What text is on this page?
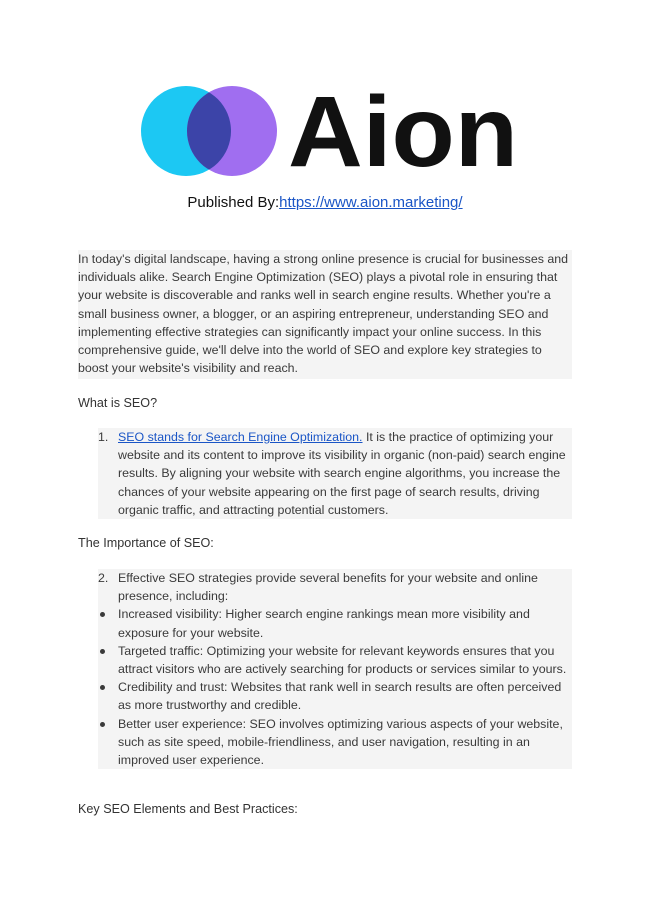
Aion
Published By:https://www.aion.marketing/
In today's digital landscape, having a strong online presence is crucial for businesses and individuals alike. Search Engine Optimization (SEO) plays a pivotal role in ensuring that your website is discoverable and ranks well in search engine results. Whether you're a small business owner, a blogger, or an aspiring entrepreneur, understanding SEO and implementing effective strategies can significantly impact your online success. In this comprehensive guide, we'll delve into the world of SEO and explore key strategies to boost your website's visibility and reach.
What is SEO?
1. SEO stands for Search Engine Optimization. It is the practice of optimizing your website and its content to improve its visibility in organic (non-paid) search engine results. By aligning your website with search engine algorithms, you increase the chances of your website appearing on the first page of search results, driving organic traffic, and attracting potential customers.
The Importance of SEO:
2. Effective SEO strategies provide several benefits for your website and online presence, including:
Increased visibility: Higher search engine rankings mean more visibility and exposure for your website.
Targeted traffic: Optimizing your website for relevant keywords ensures that you attract visitors who are actively searching for products or services similar to yours.
Credibility and trust: Websites that rank well in search results are often perceived as more trustworthy and credible.
Better user experience: SEO involves optimizing various aspects of your website, such as site speed, mobile-friendliness, and user navigation, resulting in an improved user experience.
Key SEO Elements and Best Practices:
